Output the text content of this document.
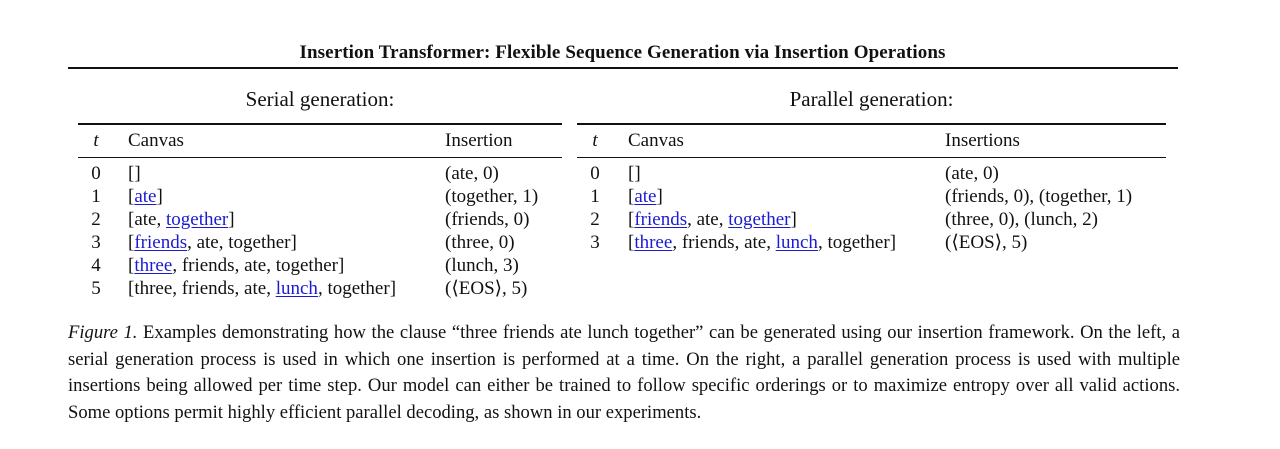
Insertion Transformer: Flexible Sequence Generation via Insertion Operations
Serial generation:
t	Canvas	Insertion
0	[]	(ate, 0)
1	[ate]	(together, 1)
2	[ate, together]	(friends, 0)
3	[friends, ate, together]	(three, 0)
4	[three, friends, ate, together]	(lunch, 3)
5	[three, friends, ate, lunch, together]	(⟨EOS⟩, 5)
Parallel generation:
t	Canvas	Insertions
0	[]	(ate, 0)
1	[ate]	(friends, 0), (together, 1)
2	[friends, ate, together]	(three, 0), (lunch, 2)
3	[three, friends, ate, lunch, together]	(⟨EOS⟩, 5)
Figure 1. Examples demonstrating how the clause “three friends ate lunch together” can be generated using our insertion framework. On the left, a serial generation process is used in which one insertion is performed at a time. On the right, a parallel generation process is used with multiple insertions being allowed per time step. Our model can either be trained to follow specific orderings or to maximize entropy over all valid actions. Some options permit highly efficient parallel decoding, as shown in our experiments.
